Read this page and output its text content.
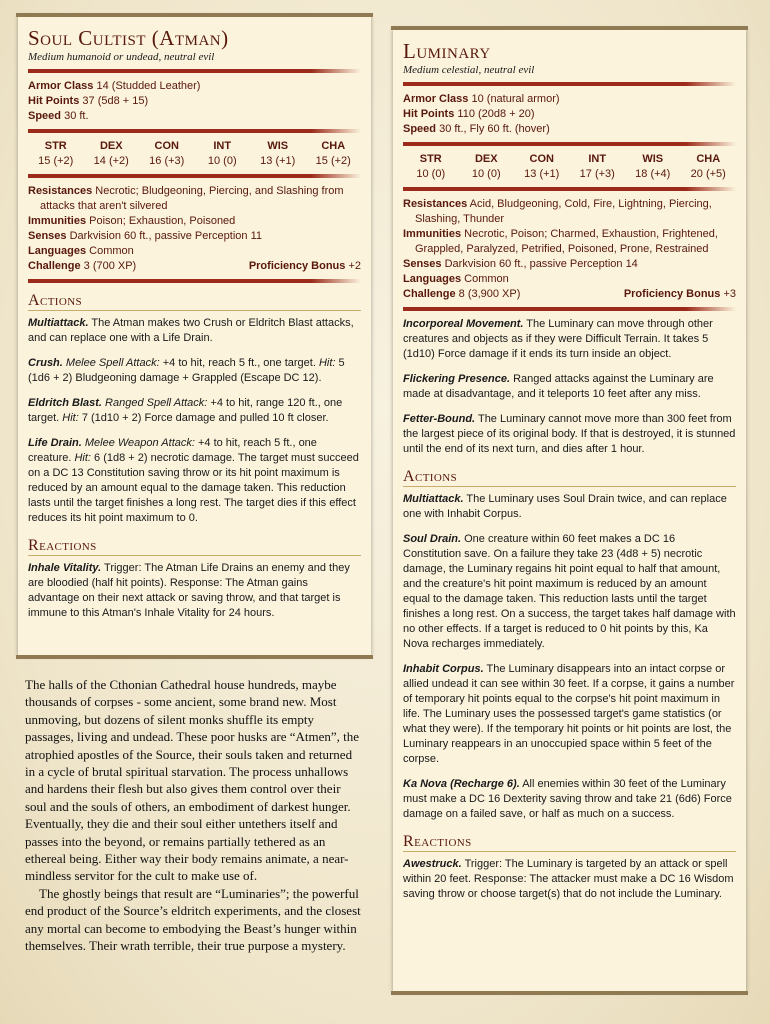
Soul Cultist (Atman)
Medium humanoid or undead, neutral evil
Armor Class 14 (Studded Leather)
Hit Points 37 (5d8 + 15)
Speed 30 ft.
STR
15 (+2)
DEX
14 (+2)
CON
16 (+3)
INT
10 (0)
WIS
13 (+1)
CHA
15 (+2)
Resistances Necrotic; Bludgeoning, Piercing, and Slashing from attacks that aren't silvered
Immunities Poison; Exhaustion, Poisoned
Senses Darkvision 60 ft., passive Perception 11
Languages Common
Challenge 3 (700 XP)	Proficiency Bonus +2
Actions

Multiattack. The Atman makes two Crush or Eldritch Blast attacks, and can replace one with a Life Drain.

Crush. Melee Spell Attack: +4 to hit, reach 5 ft., one target. Hit: 5 (1d6 + 2) Bludgeoning damage + Grappled (Escape DC 12).

Eldritch Blast. Ranged Spell Attack: +4 to hit, range 120 ft., one target. Hit: 7 (1d10 + 2) Force damage and pulled 10 ft closer.

Life Drain. Melee Weapon Attack: +4 to hit, reach 5 ft., one creature. Hit: 6 (1d8 + 2) necrotic damage. The target must succeed on a DC 13 Constitution saving throw or its hit point maximum is reduced by an amount equal to the damage taken. This reduction lasts until the target finishes a long rest. The target dies if this effect reduces its hit point maximum to 0.

Reactions

Inhale Vitality. Trigger: The Atman Life Drains an enemy and they are bloodied (half hit points). Response: The Atman gains advantage on their next attack or saving throw, and that target is immune to this Atman's Inhale Vitality for 24 hours.

The halls of the Cthonian Cathedral house hundreds, maybe thousands of corpses - some ancient, some brand new. Most unmoving, but dozens of silent monks shuffle its empty passages, living and undead. These poor husks are “Atmen”, the atrophied apostles of the Source, their souls taken and returned in a cycle of brutal spiritual starvation. The process unhallows and hardens their flesh but also gives them control over their soul and the souls of others, an embodiment of darkest hunger. Eventually, they die and their soul either untethers itself and passes into the beyond, or remains partially tethered as an ethereal being. Either way their body remains animate, a near-mindless servitor for the cult to make use of.

The ghostly beings that result are “Luminaries”; the powerful end product of the Source’s eldritch experiments, and the closest any mortal can become to embodying the Beast’s hunger within themselves. Their wrath terrible, their true purpose a mystery.

Luminary
Medium celestial, neutral evil
Armor Class 10 (natural armor)
Hit Points 110 (20d8 + 20)
Speed 30 ft., Fly 60 ft. (hover)
STR
10 (0)
DEX
10 (0)
CON
13 (+1)
INT
17 (+3)
WIS
18 (+4)
CHA
20 (+5)
Resistances Acid, Bludgeoning, Cold, Fire, Lightning, Piercing, Slashing, Thunder
Immunities Necrotic, Poison; Charmed, Exhaustion, Frightened, Grappled, Paralyzed, Petrified, Poisoned, Prone, Restrained
Senses Darkvision 60 ft., passive Perception 14
Languages Common
Challenge 8 (3,900 XP)	Proficiency Bonus +3

Incorporeal Movement. The Luminary can move through other creatures and objects as if they were Difficult Terrain. It takes 5 (1d10) Force damage if it ends its turn inside an object.

Flickering Presence. Ranged attacks against the Luminary are made at disadvantage, and it teleports 10 feet after any miss.

Fetter-Bound. The Luminary cannot move more than 300 feet from the largest piece of its original body. If that is destroyed, it is stunned until the end of its next turn, and dies after 1 hour.

Actions

Multiattack. The Luminary uses Soul Drain twice, and can replace one with Inhabit Corpus.

Soul Drain. One creature within 60 feet makes a DC 16 Constitution save. On a failure they take 23 (4d8 + 5) necrotic damage, the Luminary regains hit point equal to half that amount, and the creature's hit point maximum is reduced by an amount equal to the damage taken. This reduction lasts until the target finishes a long rest. On a success, the target takes half damage with no other effects. If a target is reduced to 0 hit points by this, Ka Nova recharges immediately.

Inhabit Corpus. The Luminary disappears into an intact corpse or allied undead it can see within 30 feet. If a corpse, it gains a number of temporary hit points equal to the corpse's hit point maximum in life. The Luminary uses the possessed target's game statistics (or what they were). If the temporary hit points or hit points are lost, the Luminary reappears in an unoccupied space within 5 feet of the corpse.

Ka Nova (Recharge 6). All enemies within 30 feet of the Luminary must make a DC 16 Dexterity saving throw and take 21 (6d6) Force damage on a failed save, or half as much on a success.

Reactions

Awestruck. Trigger: The Luminary is targeted by an attack or spell within 20 feet. Response: The attacker must make a DC 16 Wisdom saving throw or choose target(s) that do not include the Luminary.
